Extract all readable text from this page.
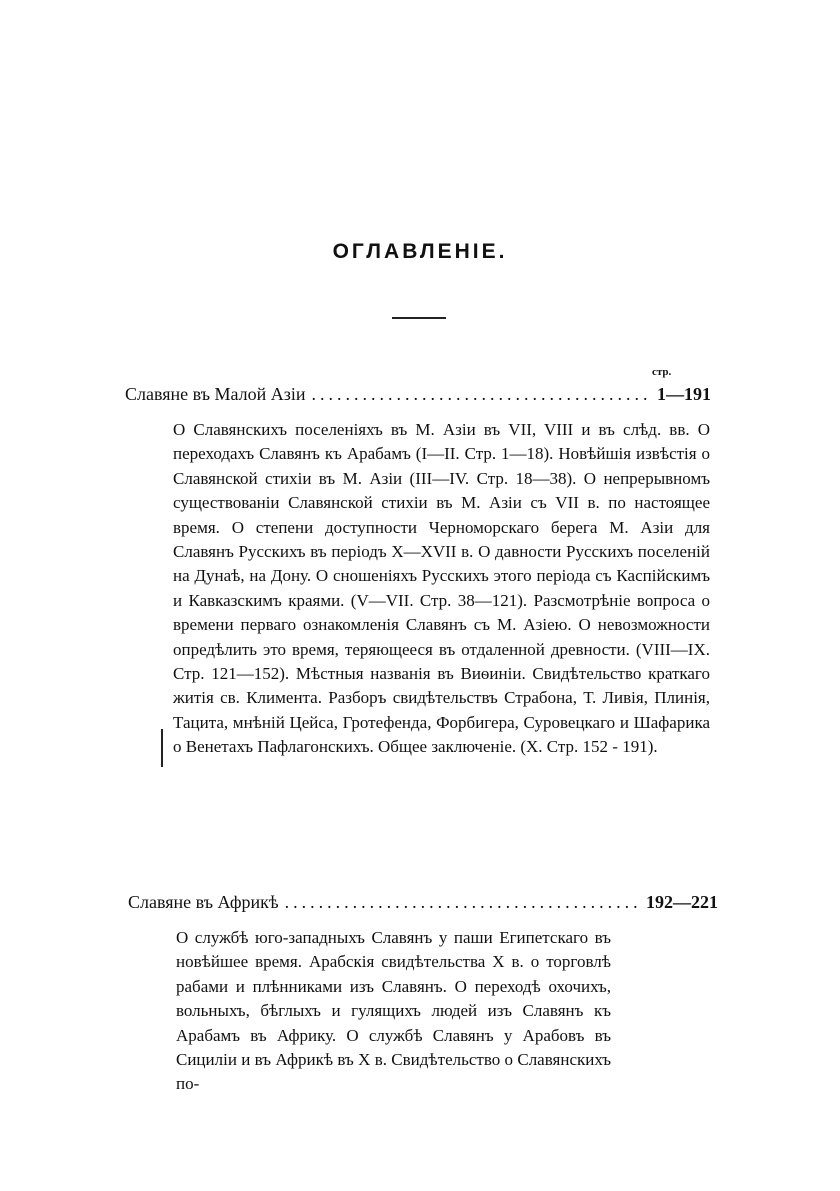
ОГЛАВЛЕНІЕ.
стр.
Славяне въ Малой Азіи .....	1—191
О Славянскихъ поселеніяхъ въ М. Азіи въ VII, VIII и въ слѣд. вв. О переходахъ Славянъ къ Арабамъ (I—II. Стр. 1—18). Новѣйшія извѣстія о Славянской стихіи въ М. Азіи (III—IV. Стр. 18—38). О непрерывномъ существованіи Славянской стихіи въ М. Азіи съ VII в. по настоящее время. О степени доступности Черноморскаго берега М. Азіи для Славянъ Русскихъ въ періодъ X—XVII в. О давности Русскихъ поселеній на Дунаѣ, на Дону. О сношеніяхъ Русскихъ этого періода съ Каспійскимъ и Кавказскимъ краями. (V—VII. Стр. 38—121). Разсмотрѣніе вопроса о времени перваго ознакомленія Славянъ съ М. Азіею. О невозможности опредѣлить это время, теряющееся въ отдаленной древности. (VIII—IX. Стр. 121—152). Мѣстныя названія въ Виѳиніи. Свидѣтельство краткаго житія св. Климента. Разборъ свидѣтельствъ Страбона, Т. Ливія, Плинія, Тацита, мнѣній Цейса, Гротефенда, Форбигера, Суровецкаго и Шафарика о Венетахъ Пафлагонскихъ. Общее заключеніе. (X. Стр. 152 - 191).
Славяне въ Африкѣ .....	192—221
О службѣ юго-западныхъ Славянъ у паши Египетскаго въ новѣйшее время. Арабскія свидѣтельства X в. о торговлѣ рабами и плѣнниками изъ Славянъ. О переходѣ охочихъ, вольныхъ, бѣглыхъ и гулящихъ людей изъ Славянъ къ Арабамъ въ Африку. О службѣ Славянъ у Арабовъ въ Сициліи и въ Африкѣ въ X в. Свидѣтельство о Славянскихъ по-
